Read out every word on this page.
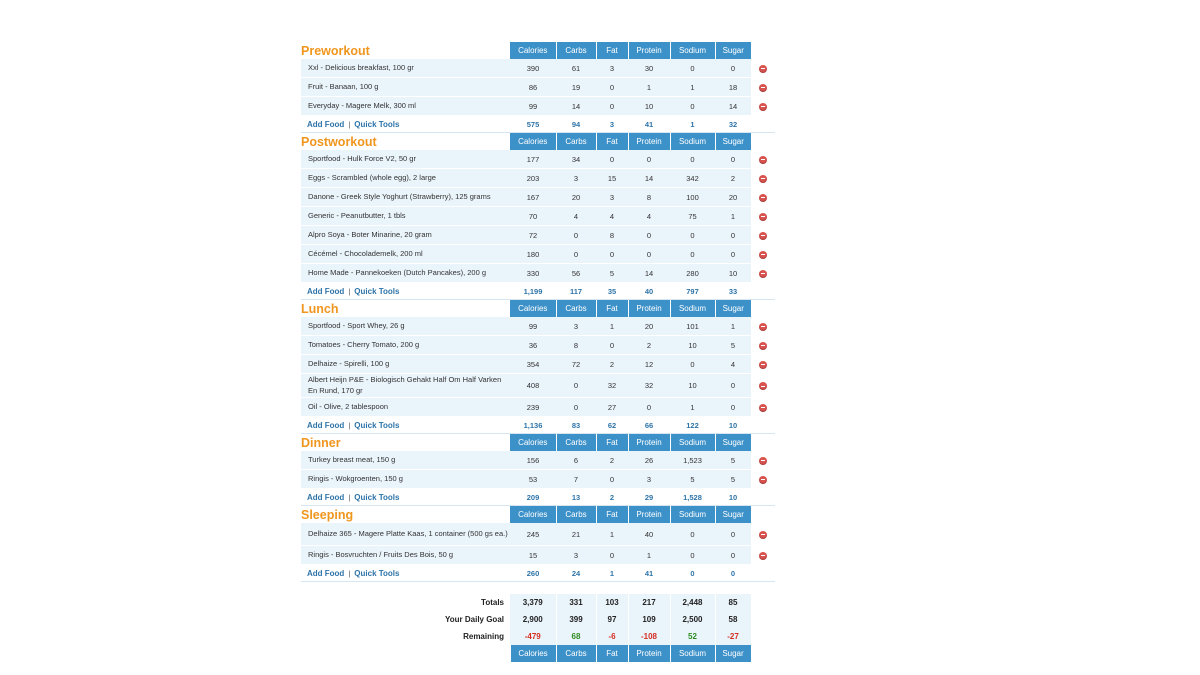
Preworkout	Calories	Carbs	Fat	Protein	Sodium	Sugar	
Xxl - Delicious breakfast, 100 gr	390	61	3	30	0	0	
Fruit - Banaan, 100 g	86	19	0	1	1	18	
Everyday - Magere Melk, 300 ml	99	14	0	10	0	14	
Add Food | Quick Tools	575	94	3	41	1	32	
Postworkout	Calories	Carbs	Fat	Protein	Sodium	Sugar	
Sportfood - Hulk Force V2, 50 gr	177	34	0	0	0	0	
Eggs - Scrambled (whole egg), 2 large	203	3	15	14	342	2	
Danone - Greek Style Yoghurt (Strawberry), 125 grams	167	20	3	8	100	20	
Generic - Peanutbutter, 1 tbls	70	4	4	4	75	1	
Alpro Soya - Boter Minarine, 20 gram	72	0	8	0	0	0	
Cécémel - Chocolademelk, 200 ml	180	0	0	0	0	0	
Home Made - Pannekoeken (Dutch Pancakes), 200 g	330	56	5	14	280	10	
Add Food | Quick Tools	1,199	117	35	40	797	33	
Lunch	Calories	Carbs	Fat	Protein	Sodium	Sugar	
Sportfood - Sport Whey, 26 g	99	3	1	20	101	1	
Tomatoes - Cherry Tomato, 200 g	36	8	0	2	10	5	
Delhaize - Spirelli, 100 g	354	72	2	12	0	4	
Albert Heijn P&E - Biologisch Gehakt Half Om Half Varken En Rund, 170 gr	408	0	32	32	10	0	
Oil - Olive, 2 tablespoon	239	0	27	0	1	0	
Add Food | Quick Tools	1,136	83	62	66	122	10	
Dinner	Calories	Carbs	Fat	Protein	Sodium	Sugar	
Turkey breast meat, 150 g	156	6	2	26	1,523	5	
Ringis - Wokgroenten, 150 g	53	7	0	3	5	5	
Add Food | Quick Tools	209	13	2	29	1,528	10	
Sleeping	Calories	Carbs	Fat	Protein	Sodium	Sugar	
Delhaize 365 - Magere Platte Kaas, 1 container (500 gs ea.)	245	21	1	40	0	0	
Ringis - Bosvruchten / Fruits Des Bois, 50 g	15	3	0	1	0	0	
Add Food | Quick Tools	260	24	1	41	0	0	

Totals	3,379	331	103	217	2,448	85	
Your Daily Goal	2,900	399	97	109	2,500	58	
Remaining	-479	68	-6	-108	52	-27	
	Calories	Carbs	Fat	Protein	Sodium	Sugar	
